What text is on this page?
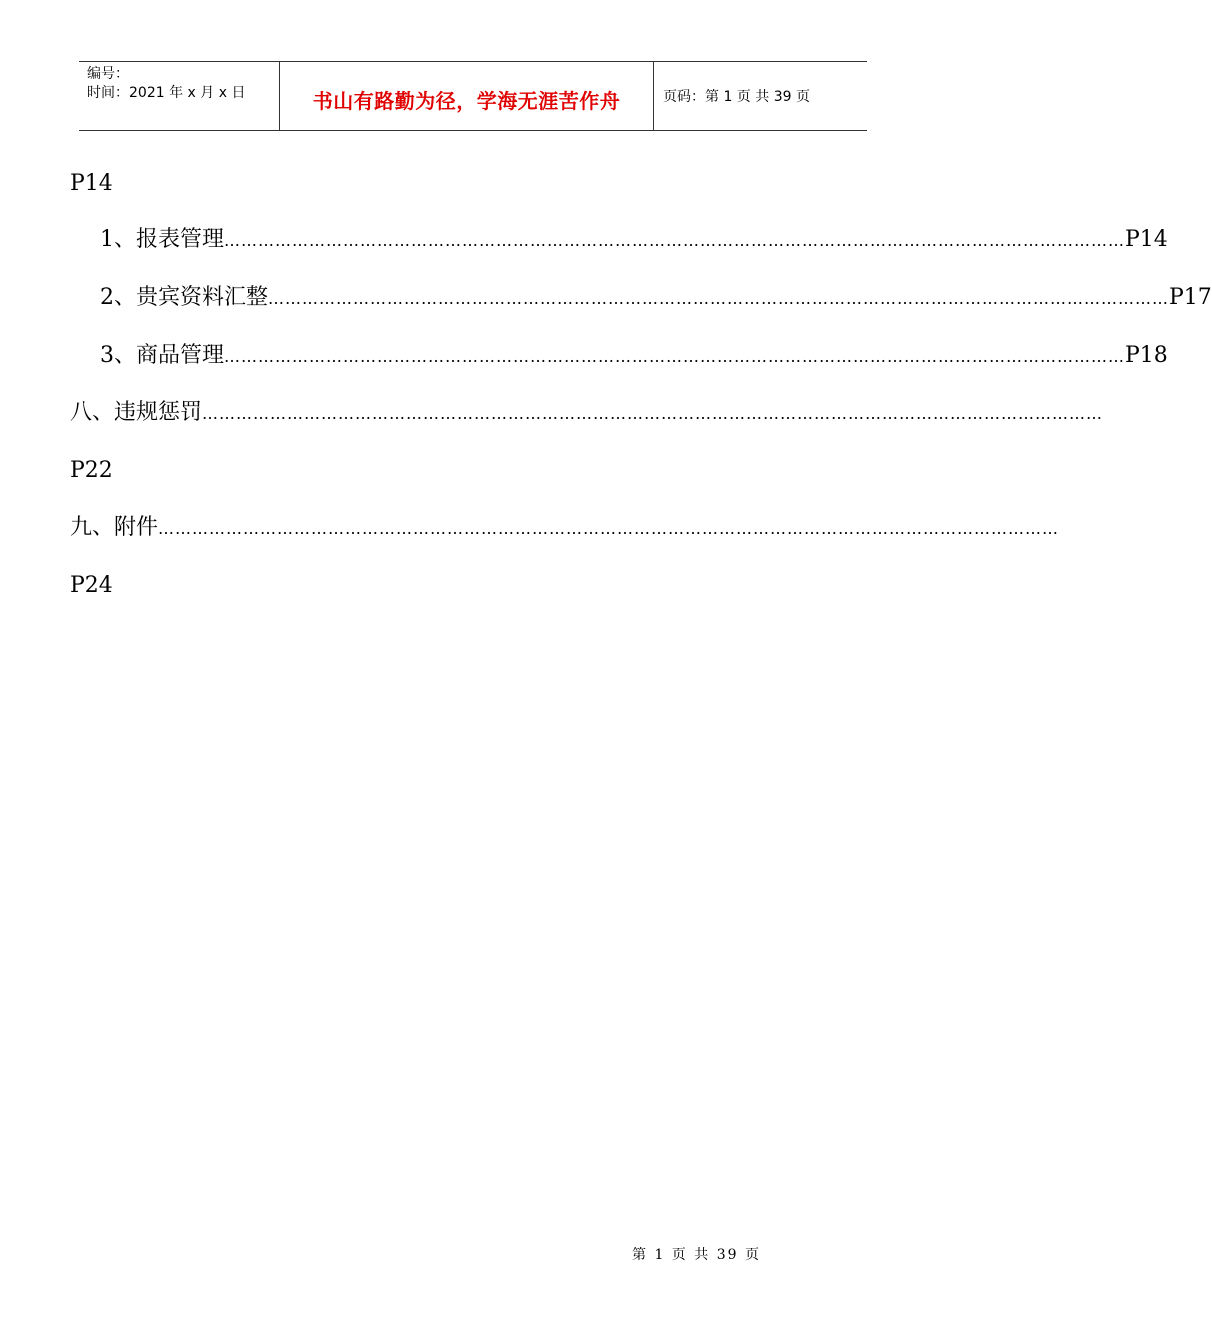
编号：
时间：2021 年 x 月 x 日	书山有路勤为径，学海无涯苦作舟	页码：第 1 页 共 39 页
P14
1、报表管理 …………………………………………………………………………………………………………………………………………… P14
2、贵宾资料汇整 …………………………………………………………………………………………………………………………………………… P17
3、商品管理 …………………………………………………………………………………………………………………………………………… P18
八、违规惩罚 ……………………………………………………………………………………………………………………………………………
P22
九、附件 ……………………………………………………………………………………………………………………………………………
P24
第 1 页 共 39 页
